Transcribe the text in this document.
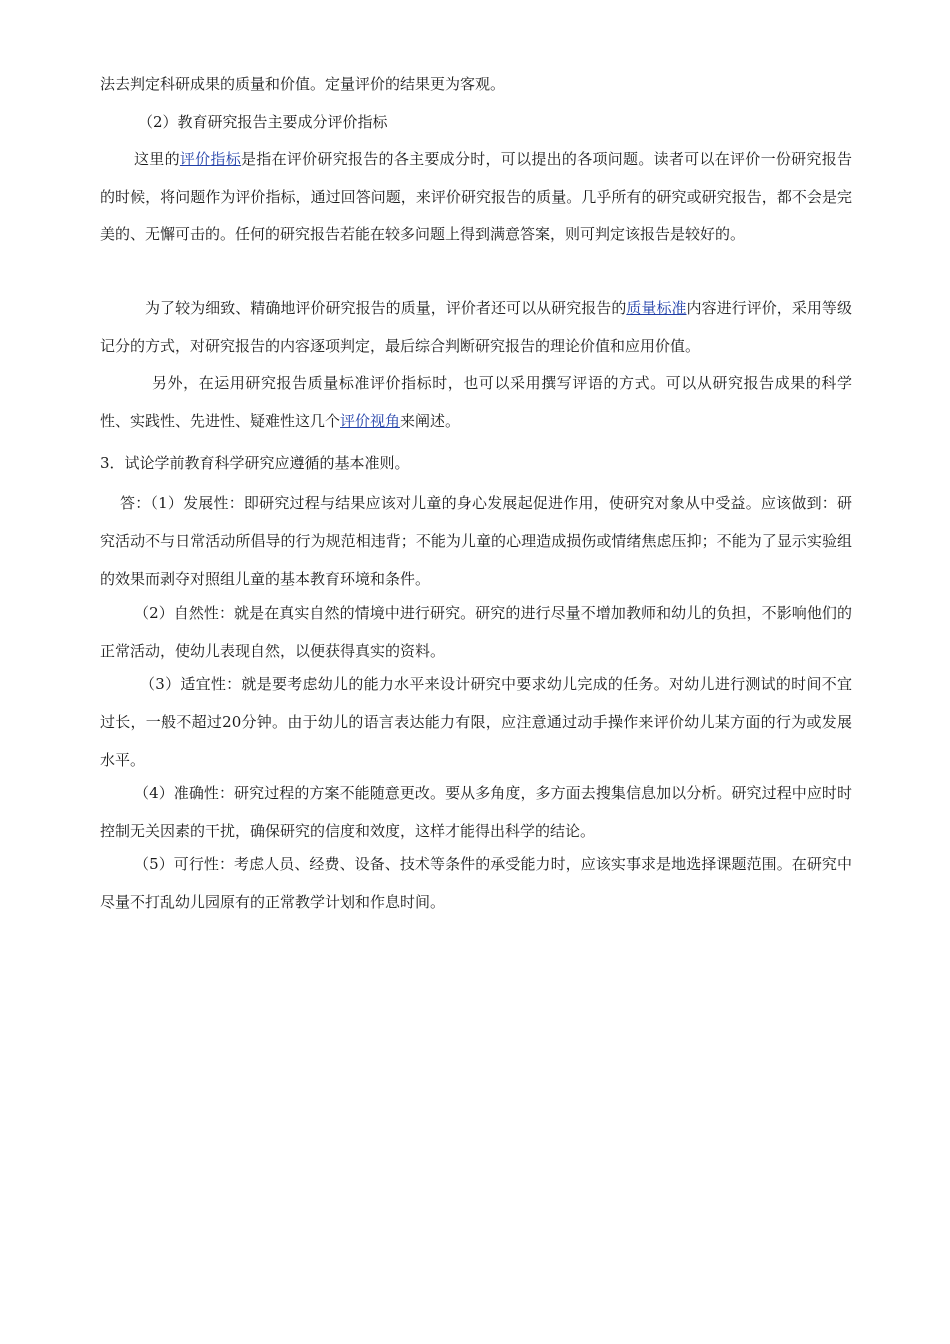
法去判定科研成果的质量和价值。定量评价的结果更为客观。

（2）教育研究报告主要成分评价指标

这里的评价指标是指在评价研究报告的各主要成分时，可以提出的各项问题。读者可以在评价一份研究报告的时候，将问题作为评价指标，通过回答问题，来评价研究报告的质量。几乎所有的研究或研究报告，都不会是完美的、无懈可击的。任何的研究报告若能在较多问题上得到满意答案，则可判定该报告是较好的。

为了较为细致、精确地评价研究报告的质量，评价者还可以从研究报告的质量标准内容进行评价，采用等级记分的方式，对研究报告的内容逐项判定，最后综合判断研究报告的理论价值和应用价值。

另外，在运用研究报告质量标准评价指标时，也可以采用撰写评语的方式。可以从研究报告成果的科学性、实践性、先进性、疑难性这几个评价视角来阐述。

3．试论学前教育科学研究应遵循的基本准则。

答：（1）发展性：即研究过程与结果应该对儿童的身心发展起促进作用，使研究对象从中受益。应该做到：研究活动不与日常活动所倡导的行为规范相违背；不能为儿童的心理造成损伤或情绪焦虑压抑；不能为了显示实验组的效果而剥夺对照组儿童的基本教育环境和条件。

（2）自然性：就是在真实自然的情境中进行研究。研究的进行尽量不增加教师和幼儿的负担，不影响他们的正常活动，使幼儿表现自然，以便获得真实的资料。

（3）适宜性：就是要考虑幼儿的能力水平来设计研究中要求幼儿完成的任务。对幼儿进行测试的时间不宜过长，一般不超过20分钟。由于幼儿的语言表达能力有限，应注意通过动手操作来评价幼儿某方面的行为或发展水平。

（4）准确性：研究过程的方案不能随意更改。要从多角度，多方面去搜集信息加以分析。研究过程中应时时控制无关因素的干扰，确保研究的信度和效度，这样才能得出科学的结论。

（5）可行性：考虑人员、经费、设备、技术等条件的承受能力时，应该实事求是地选择课题范围。在研究中尽量不打乱幼儿园原有的正常教学计划和作息时间。
